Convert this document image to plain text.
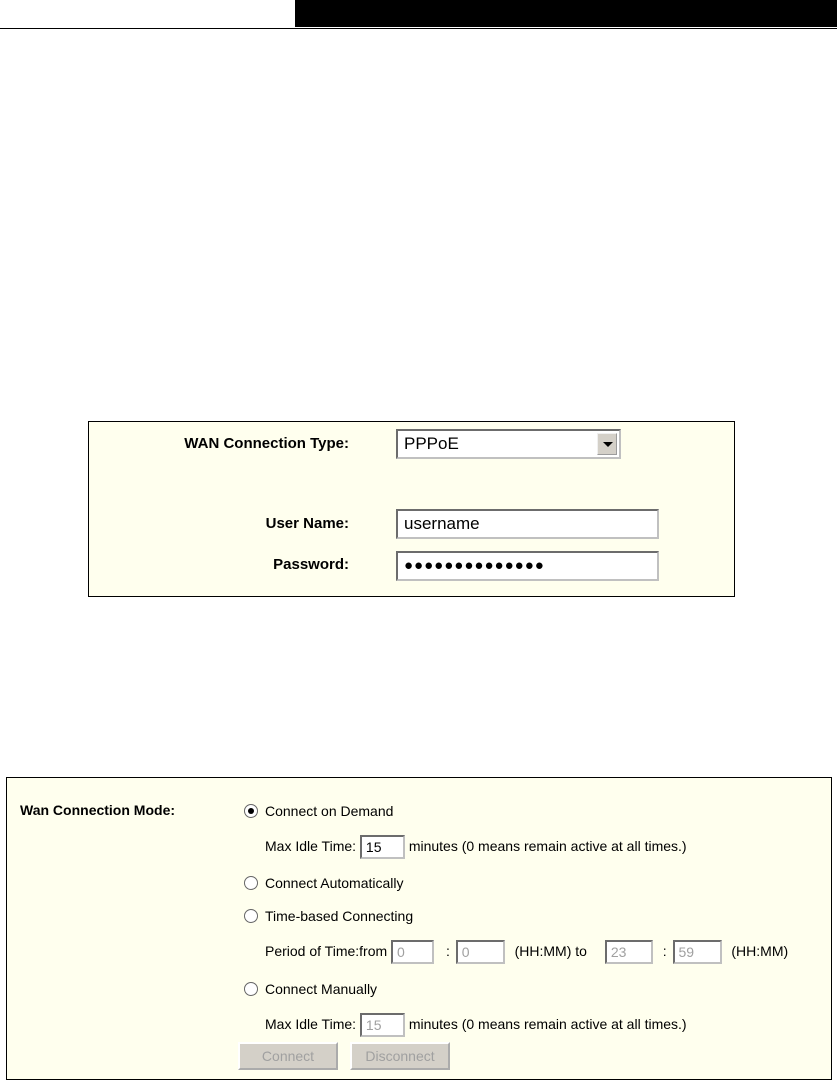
WAN Connection Type:	PPPoE
User Name:	username
Password:	●●●●●●●●●●●●●●
Wan Connection Mode:	Connect on Demand
Max Idle Time: 15 minutes (0 means remain active at all times.)
Connect Automatically
Time-based Connecting
Period of Time:from 0	: 0	(HH:MM) to 23	: 59	(HH:MM)
Connect Manually
Max Idle Time: 15 minutes (0 means remain active at all times.)
Connect	Disconnect
